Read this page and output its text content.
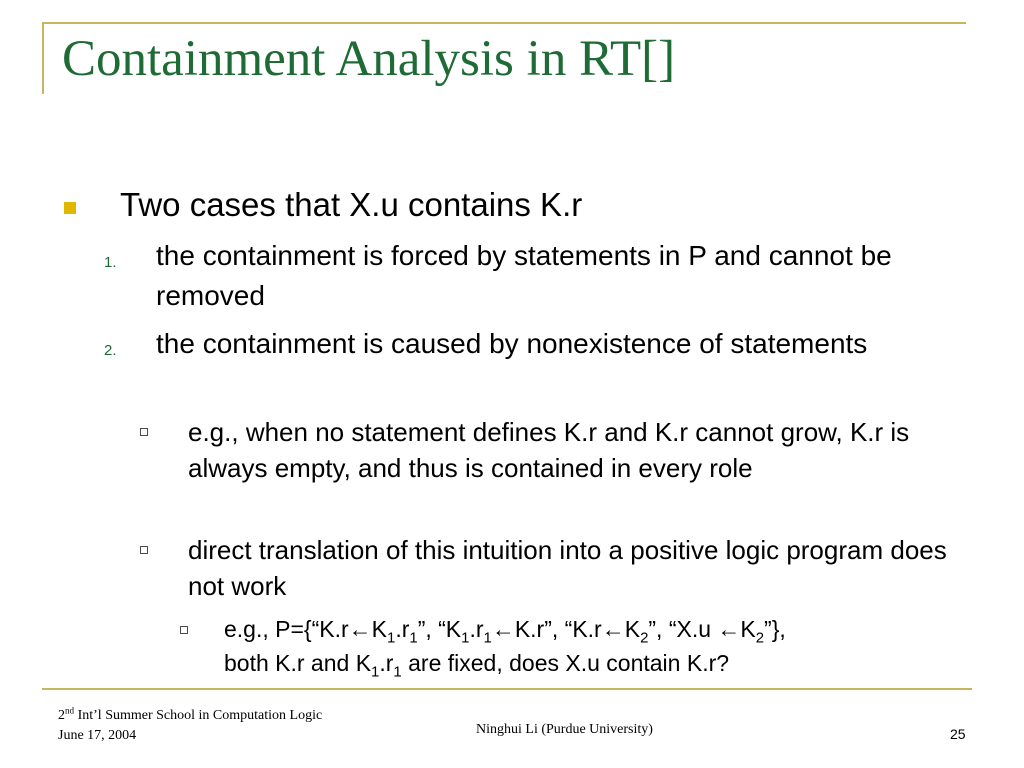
Containment Analysis in RT[]
Two cases that X.u contains K.r
1. the containment is forced by statements in P and cannot be removed
2. the containment is caused by nonexistence of statements
e.g., when no statement defines K.r and K.r cannot grow, K.r is always empty, and thus is contained in every role
direct translation of this intuition into a positive logic program does not work
e.g., $P=\{“K.r\leftarrow K_1.r_1$”, “$K_1.r_1\leftarrow K.r$”, “$K.r\leftarrow K_2$”, “X.u $\leftarrow K_2$”},
both K.r and $K_1.r_1$ are fixed, does X.u contain K.r?
2nd Int’l Summer School in Computation Logic
June 17, 2004	Ninghui Li (Purdue University)	25
